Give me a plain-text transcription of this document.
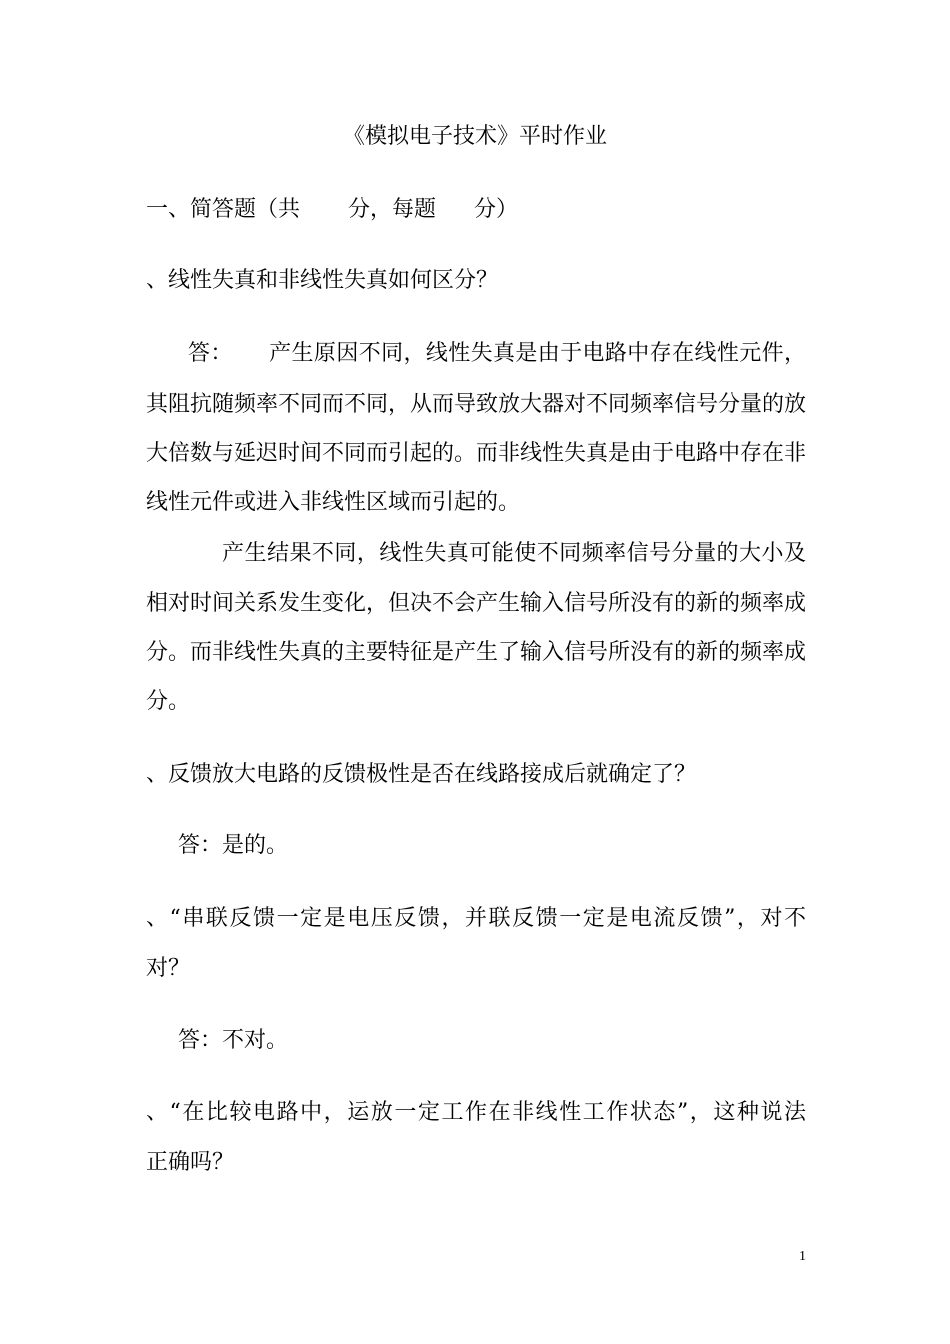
《模拟电子技术》平时作业
一、简答题（共 分，每题 分）
、线性失真和非线性失真如何区分？
答： 产生原因不同，线性失真是由于电路中存在线性元件，
其阻抗随频率不同而不同，从而导致放大器对不同频率信号分量的放
大倍数与延迟时间不同而引起的。而非线性失真是由于电路中存在非
线性元件或进入非线性区域而引起的。
产生结果不同，线性失真可能使不同频率信号分量的大小及
相对时间关系发生变化，但决不会产生输入信号所没有的新的频率成
分。而非线性失真的主要特征是产生了输入信号所没有的新的频率成
分。
、反馈放大电路的反馈极性是否在线路接成后就确定了？
答：是的。
、“串联反馈一定是电压反馈，并联反馈一定是电流反馈”，对不
对？
答：不对。
、“在比较电路中，运放一定工作在非线性工作状态”，这种说法
正确吗？
1
